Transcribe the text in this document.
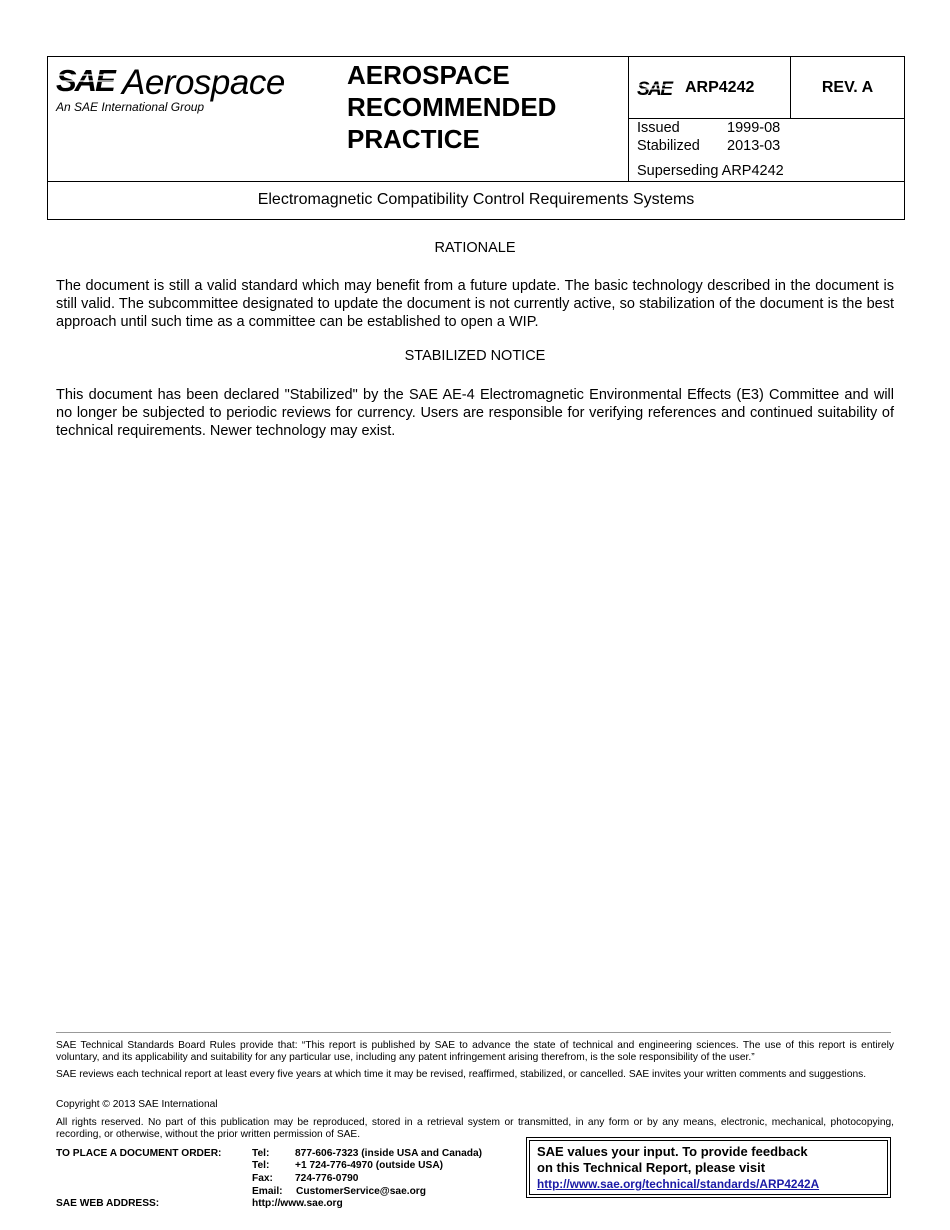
SAE Aerospace
An SAE International Group
AEROSPACE
RECOMMENDED
PRACTICE
SAE ARP4242	REV. A
Issued	1999-08
Stabilized	2013-03
Superseding ARP4242
Electromagnetic Compatibility Control Requirements Systems
RATIONALE
The document is still a valid standard which may benefit from a future update. The basic technology described in the document is still valid. The subcommittee designated to update the document is not currently active, so stabilization of the document is the best approach until such time as a committee can be established to open a WIP.
STABILIZED NOTICE
This document has been declared "Stabilized" by the SAE AE-4 Electromagnetic Environmental Effects (E3) Committee and will no longer be subjected to periodic reviews for currency. Users are responsible for verifying references and continued suitability of technical requirements. Newer technology may exist.
SAE Technical Standards Board Rules provide that: “This report is published by SAE to advance the state of technical and engineering sciences. The use of this report is entirely voluntary, and its applicability and suitability for any particular use, including any patent infringement arising therefrom, is the sole responsibility of the user.”
SAE reviews each technical report at least every five years at which time it may be revised, reaffirmed, stabilized, or cancelled. SAE invites your written comments and suggestions.
Copyright © 2013 SAE International
All rights reserved. No part of this publication may be reproduced, stored in a retrieval system or transmitted, in any form or by any means, electronic, mechanical, photocopying, recording, or otherwise, without the prior written permission of SAE.
TO PLACE A DOCUMENT ORDER:	Tel:	877-606-7323 (inside USA and Canada)
Tel:	+1 724-776-4970 (outside USA)
Fax:	724-776-0790
Email:	CustomerService@sae.org
SAE WEB ADDRESS:	http://www.sae.org
SAE values your input. To provide feedback
on this Technical Report, please visit
http://www.sae.org/technical/standards/ARP4242A
